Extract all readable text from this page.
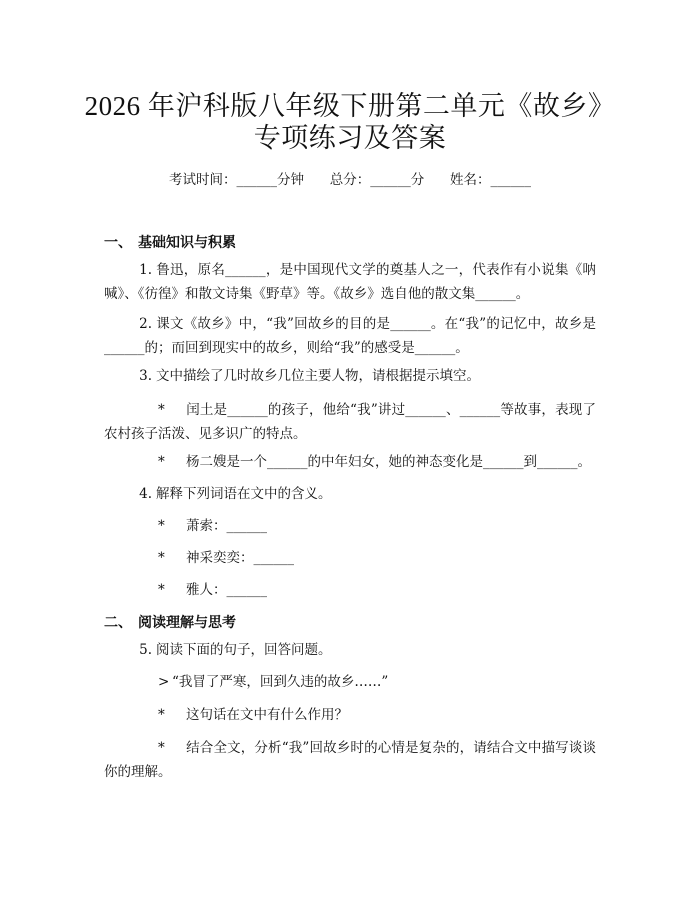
2026 年沪科版八年级下册第二单元《故乡》
专项练习及答案
考试时间：______分钟      总分：______分      姓名：______
一、 基础知识与积累
1. 鲁迅，原名______，是中国现代文学的奠基人之一，代表作有小说集《呐喊》、《彷徨》和散文诗集《野草》等。《故乡》选自他的散文集______。
2. 课文《故乡》中，“我”回故乡的目的是______。在“我”的记忆中，故乡是______的；而回到现实中的故乡，则给“我”的感受是______。
3. 文中描绘了几时故乡几位主要人物，请根据提示填空。
* 闰土是______的孩子，他给“我”讲过______、______等故事，表现了农村孩子活泼、见多识广的特点。
* 杨二嫂是一个______的中年妇女，她的神态变化是______到______。
4. 解释下列词语在文中的含义。
* 萧索：______
* 神采奕奕：______
* 雅人：______
二、 阅读理解与思考
5. 阅读下面的句子，回答问题。
> “我冒了严寒，回到久违的故乡……”
* 这句话在文中有什么作用？
* 结合全文，分析“我”回故乡时的心情是复杂的，请结合文中描写谈谈你的理解。
